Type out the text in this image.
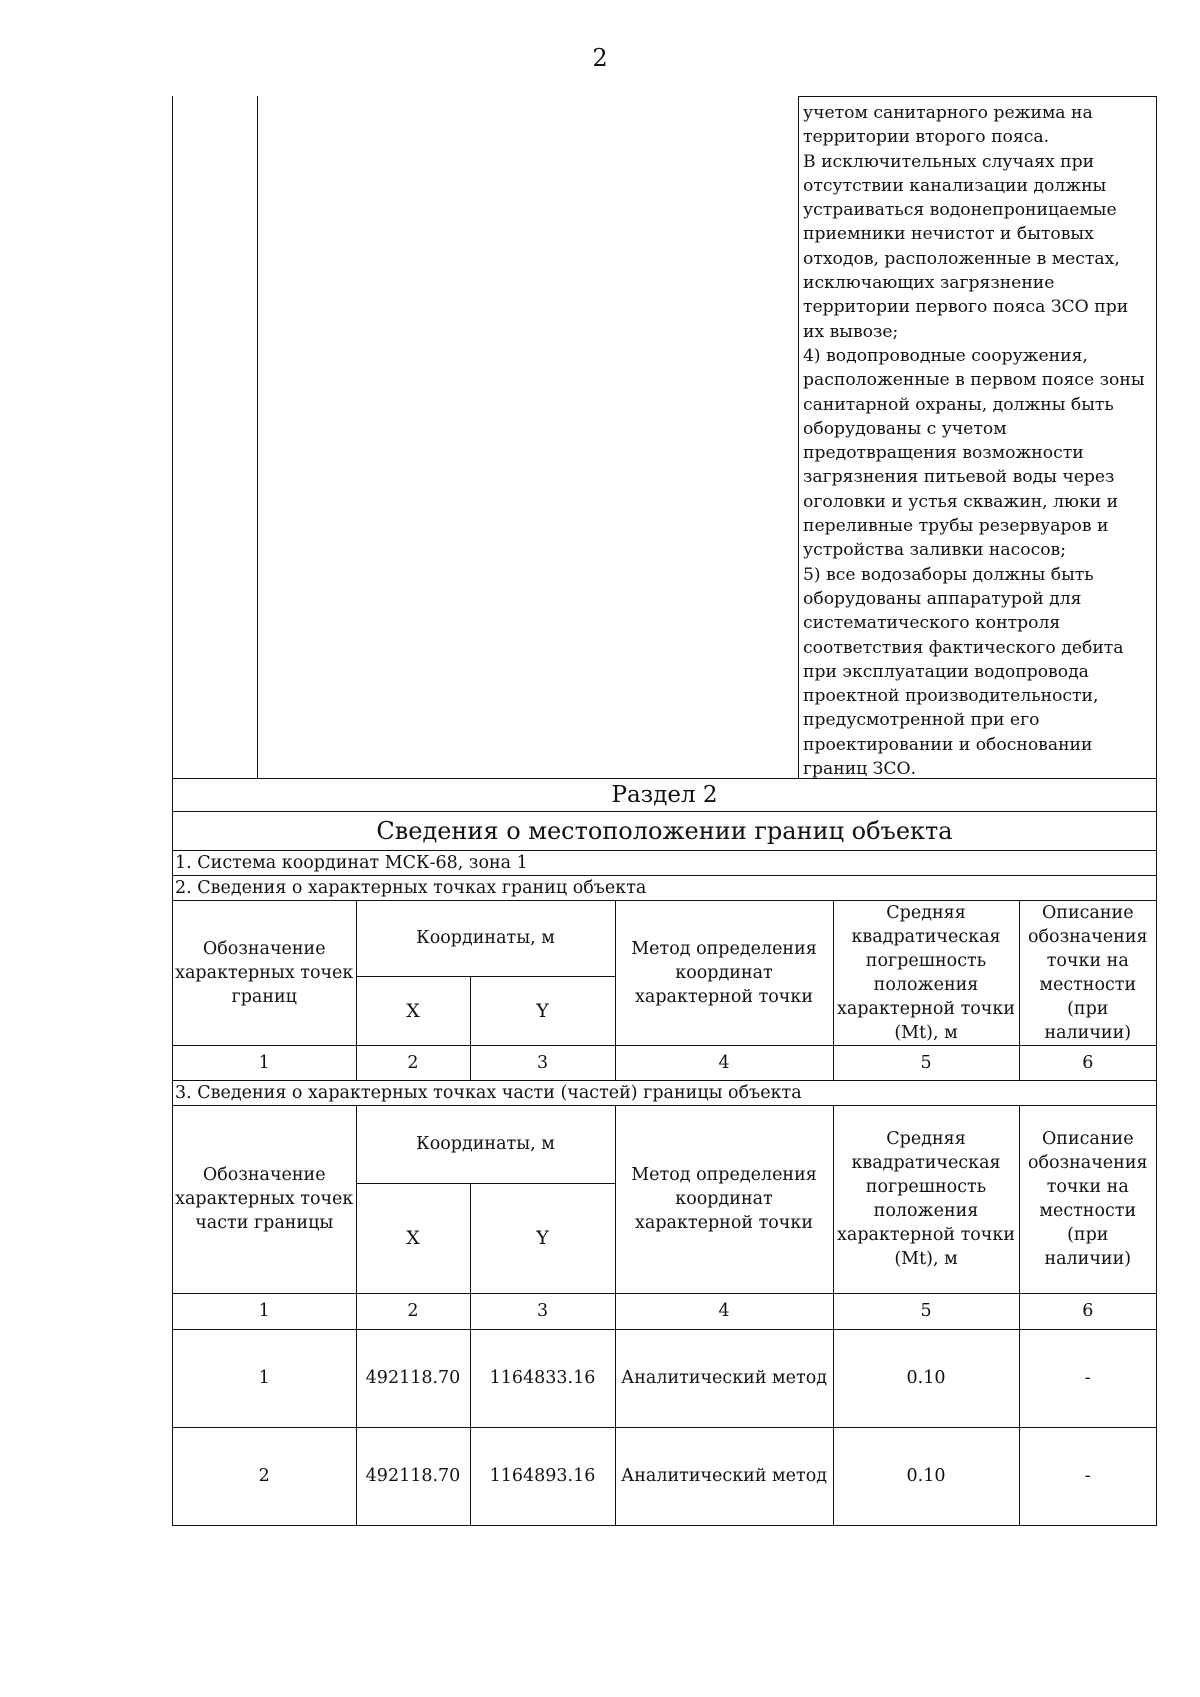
2

учетом санитарного режима на территории второго пояса.

В исключительных случаях при отсутствии канализации должны устраиваться водонепроницаемые приемники нечистот и бытовых отходов, расположенные в местах, исключающих загрязнение территории первого пояса ЗСО при их вывозе;

4) водопроводные сооружения, расположенные в первом поясе зоны санитарной охраны, должны быть оборудованы с учетом предотвращения возможности загрязнения питьевой воды через оголовки и устья скважин, люки и переливные трубы резервуаров и устройства заливки насосов;

5) все водозаборы должны быть оборудованы аппаратурой для систематического контроля соответствия фактического дебита при эксплуатации водопровода проектной производительности, предусмотренной при его проектировании и обосновании границ ЗСО.

Раздел 2
Сведения о местоположении границ объекта
1. Система координат МСК-68, зона 1
2. Сведения о характерных точках границ объекта
Обозначение характерных точек границ	Координаты, м		Метод определения координат характерной точки	Средняя квадратическая погрешность положения характерной точки (Mt), м	Описание обозначения точки на местности (при наличии)
	X	Y			
1	2	3	4	5	6
3. Сведения о характерных точках части (частей) границы объекта
Обозначение характерных точек части границы	Координаты, м		Метод определения координат характерной точки	Средняя квадратическая погрешность положения характерной точки (Mt), м	Описание обозначения точки на местности (при наличии)
	X	Y			
1	2	3	4	5	6
1	492118.70	1164833.16	Аналитический метод	0.10	-
2	492118.70	1164893.16	Аналитический метод	0.10	-
